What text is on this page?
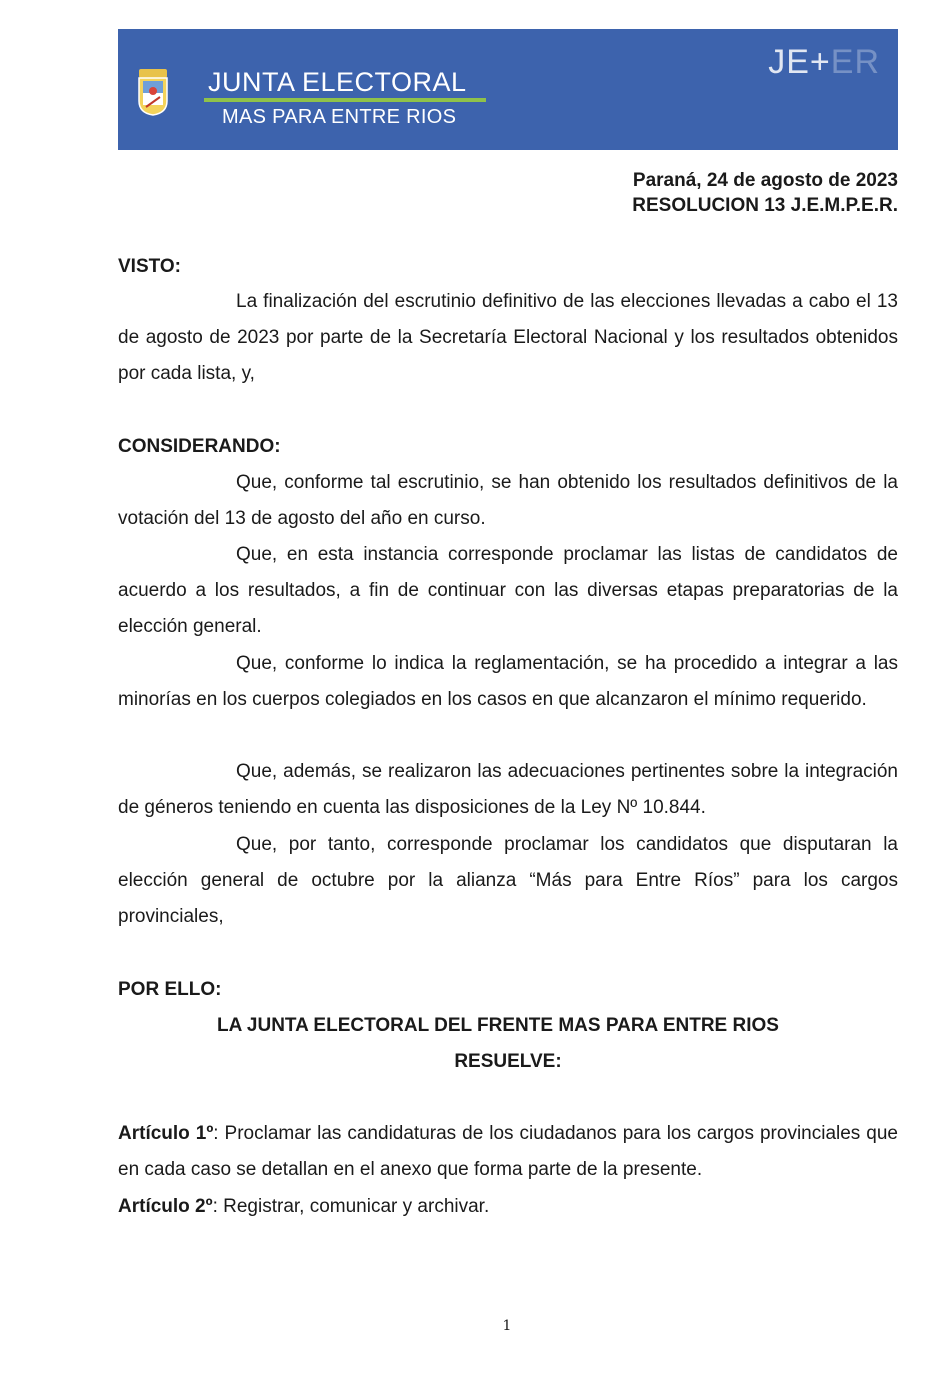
JUNTA ELECTORAL
MAS PARA ENTRE RIOS
JE+ER
Paraná, 24 de agosto de 2023
RESOLUCION 13 J.E.M.P.E.R.
VISTO:
La finalización del escrutinio definitivo de las elecciones llevadas a cabo el 13 de agosto de 2023 por parte de la Secretaría Electoral Nacional y los resultados obtenidos por cada lista, y,
CONSIDERANDO:
Que, conforme tal escrutinio, se han obtenido los resultados definitivos de la votación del 13 de agosto del año en curso.
Que, en esta instancia corresponde proclamar las listas de candidatos de acuerdo a los resultados, a fin de continuar con las diversas etapas preparatorias de la elección general.
Que, conforme lo indica la reglamentación, se ha procedido a integrar a las minorías en los cuerpos colegiados en los casos en que alcanzaron el mínimo requerido.
Que, además, se realizaron las adecuaciones pertinentes sobre la integración de géneros teniendo en cuenta las disposiciones de la Ley Nº 10.844.
Que, por tanto, corresponde proclamar los candidatos que disputaran la elección general de octubre por la alianza “Más para Entre Ríos” para los cargos provinciales,
POR ELLO:
LA JUNTA ELECTORAL DEL FRENTE MAS PARA ENTRE RIOS
RESUELVE:
Artículo 1º: Proclamar las candidaturas de los ciudadanos para los cargos provinciales que en cada caso se detallan en el anexo que forma parte de la presente.
Artículo 2º: Registrar, comunicar y archivar.
1
